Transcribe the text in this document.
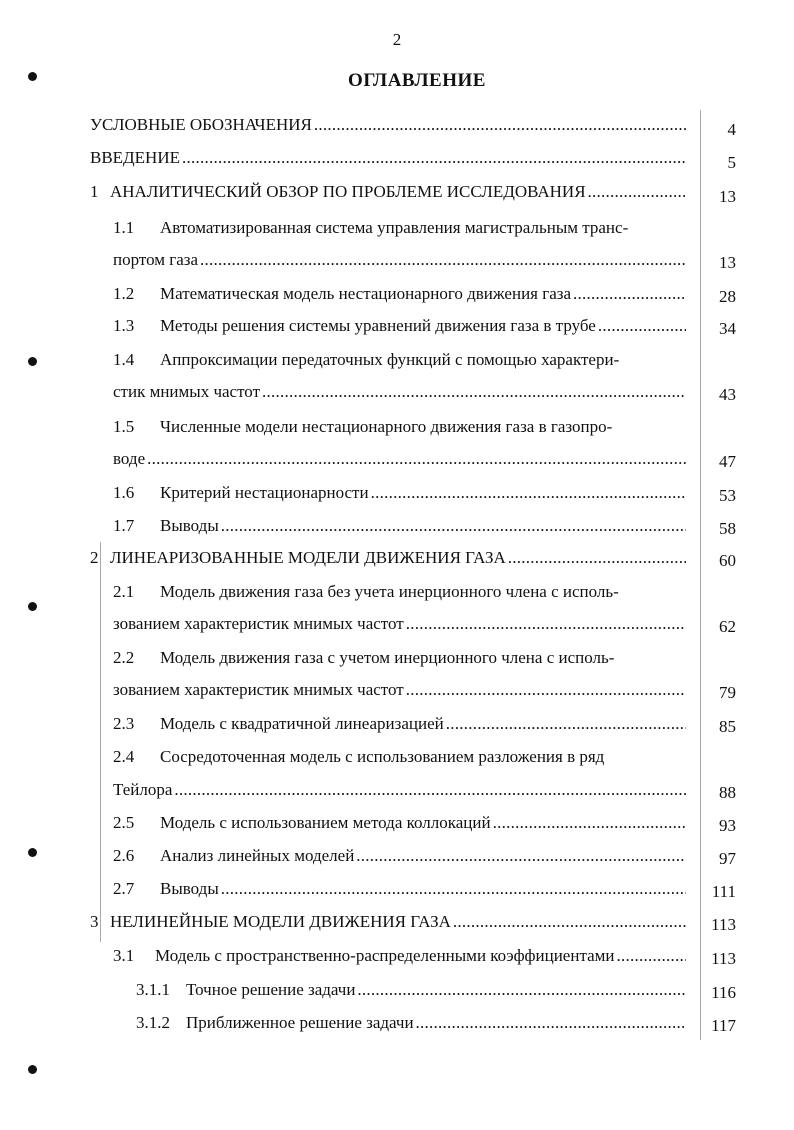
2
ОГЛАВЛЕНИЕ
УСЛОВНЫЕ ОБОЗНАЧЕНИЯ . . .	4
ВВЕДЕНИЕ . . .	5
1 АНАЛИТИЧЕСКИЙ ОБЗОР ПО ПРОБЛЕМЕ ИССЛЕДОВАНИЯ . . .	13
1.1 Автоматизированная система управления магистральным транс-
портом газа . . .	13
1.2	Математическая модель нестационарного движения газа . . .	28
1.3	Методы решения системы уравнений движения газа в трубе . . .	34
1.4 Аппроксимации передаточных функций с помощью характери-
стик мнимых частот . . .	43
1.5 Численные модели нестационарного движения газа в газопро-
воде . . .	47
1.6	Критерий нестационарности . . .	53
1.7	Выводы . . .	58
2 ЛИНЕАРИЗОВАННЫЕ МОДЕЛИ ДВИЖЕНИЯ ГАЗА . . .	60
2.1 Модель движения газа без учета инерционного члена с исполь-
зованием характеристик мнимых частот . . .	62
2.2 Модель движения газа с учетом инерционного члена с исполь-
зованием характеристик мнимых частот . . .	79
2.3	Модель с квадратичной линеаризацией . . .	85
2.4 Сосредоточенная модель с использованием разложения в ряд
Тейлора . . .	88
2.5	Модель с использованием метода коллокаций . . .	93
2.6	Анализ линейных моделей . . .	97
2.7	Выводы . . .	111
3 НЕЛИНЕЙНЫЕ МОДЕЛИ ДВИЖЕНИЯ ГАЗА . . .	113
3.1	Модель с пространственно-распределенными коэффициентами . . .	113
3.1.1 Точное решение задачи . . .	116
3.1.2 Приближенное решение задачи . . .	117
